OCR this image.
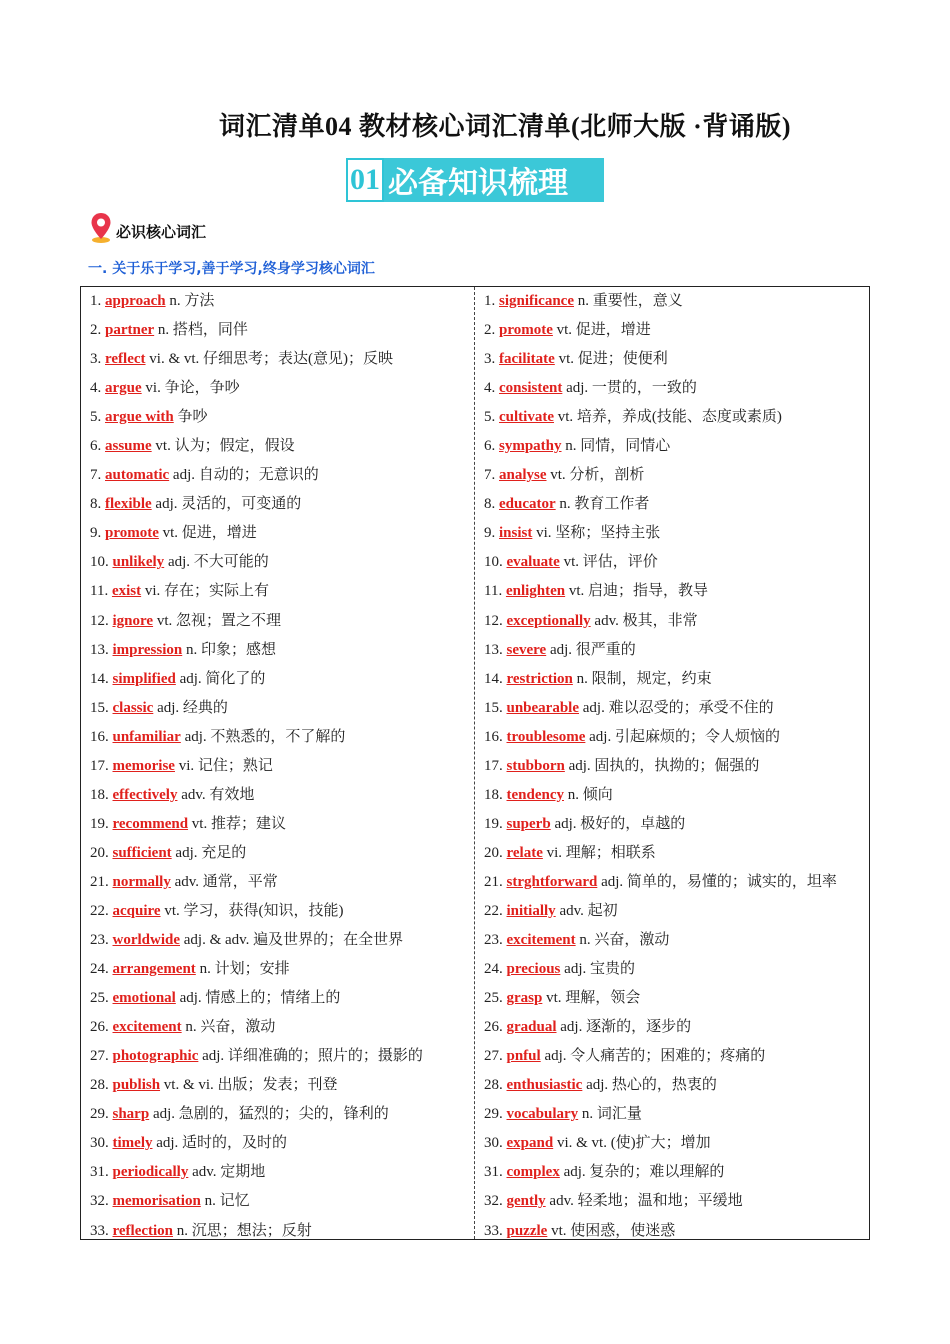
词汇清单04 教材核心词汇清单(北师大版 ·背诵版)
01 必备知识梳理
必识核心词汇
一. 关于乐于学习,善于学习,终身学习核心词汇
1. approach n. 方法
2. partner n. 搭档，同伴
3. reflect vi. & vt. 仔细思考；表达(意见)；反映
4. argue vi. 争论，争吵
5. argue with 争吵
6. assume vt. 认为；假定，假设
7. automatic adj. 自动的；无意识的
8. flexible adj. 灵活的，可变通的
9. promote vt. 促进，增进
10. unlikely adj. 不大可能的
11. exist vi. 存在；实际上有
12. ignore vt. 忽视；置之不理
13. impression n. 印象；感想
14. simplified adj. 简化了的
15. classic adj. 经典的
16. unfamiliar adj. 不熟悉的，不了解的
17. memorise vi. 记住；熟记
18. effectively adv. 有效地
19. recommend vt. 推荐；建议
20. sufficient adj. 充足的
21. normally adv. 通常，平常
22. acquire vt. 学习，获得(知识，技能)
23. worldwide adj. & adv. 遍及世界的；在全世界
24. arrangement n. 计划；安排
25. emotional adj. 情感上的；情绪上的
26. excitement n. 兴奋，激动
27. photographic adj. 详细准确的；照片的；摄影的
28. publish vt. & vi. 出版；发表；刊登
29. sharp adj. 急剧的，猛烈的；尖的，锋利的
30. timely adj. 适时的，及时的
31. periodically adv. 定期地
32. memorisation n. 记忆
33. reflection n. 沉思；想法；反射
1. significance n. 重要性，意义
2. promote vt. 促进，增进
3. facilitate vt. 促进；使便利
4. consistent adj. 一贯的，一致的
5. cultivate vt. 培养，养成(技能、态度或素质)
6. sympathy n. 同情，同情心
7. analyse vt. 分析，剖析
8. educator n. 教育工作者
9. insist vi. 坚称；坚持主张
10. evaluate vt. 评估，评价
11. enlighten vt. 启迪；指导，教导
12. exceptionally adv. 极其，非常
13. severe adj. 很严重的
14. restriction n. 限制，规定，约束
15. unbearable adj. 难以忍受的；承受不住的
16. troublesome adj. 引起麻烦的；令人烦恼的
17. stubborn adj. 固执的，执拗的；倔强的
18. tendency n. 倾向
19. superb adj. 极好的，卓越的
20. relate vi. 理解；相联系
21. strghtforward adj. 简单的，易懂的；诚实的，坦率
22. initially adv. 起初
23. excitement n. 兴奋，激动
24. precious adj. 宝贵的
25. grasp vt. 理解，领会
26. gradual adj. 逐渐的，逐步的
27. pnful adj. 令人痛苦的；困难的；疼痛的
28. enthusiastic adj. 热心的，热衷的
29. vocabulary n. 词汇量
30. expand vi. & vt. (使)扩大；增加
31. complex adj. 复杂的；难以理解的
32. gently adv. 轻柔地；温和地；平缓地
33. puzzle vt. 使困惑，使迷惑
